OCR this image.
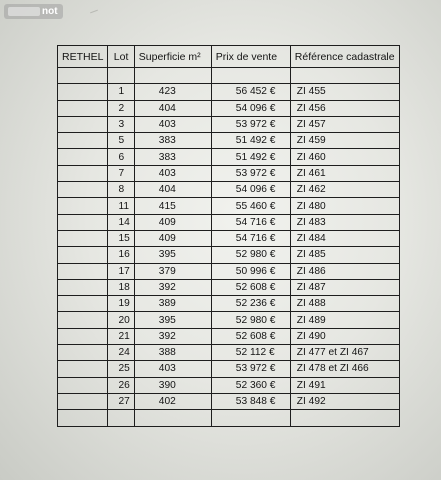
not
RETHEL	Lot	Superficie m²	Prix de vente	Référence cadastrale

	1	423	56 452 €	ZI 455
	2	404	54 096 €	ZI 456
	3	403	53 972 €	ZI 457
	5	383	51 492 €	ZI 459
	6	383	51 492 €	ZI 460
	7	403	53 972 €	ZI 461
	8	404	54 096 €	ZI 462
	11	415	55 460 €	ZI 480
	14	409	54 716 €	ZI 483
	15	409	54 716 €	ZI 484
	16	395	52 980 €	ZI 485
	17	379	50 996 €	ZI 486
	18	392	52 608 €	ZI 487
	19	389	52 236 €	ZI 488
	20	395	52 980 €	ZI 489
	21	392	52 608 €	ZI 490
	24	388	52 112 €	ZI 477 et ZI 467
	25	403	53 972 €	ZI 478 et ZI 466
	26	390	52 360 €	ZI 491
	27	402	53 848 €	ZI 492
